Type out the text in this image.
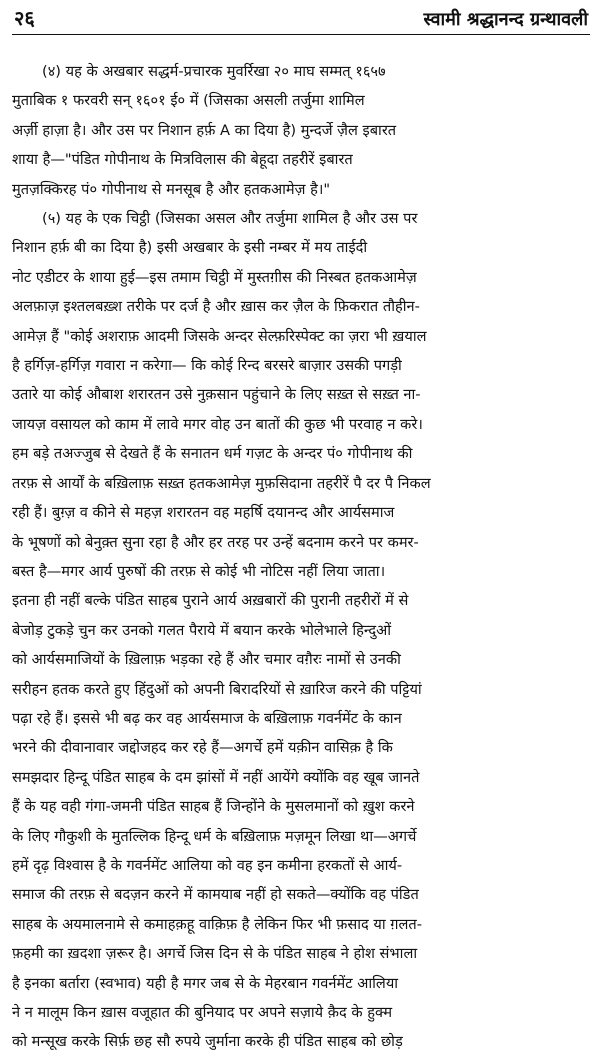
२६	स्वामी श्रद्धानन्द ग्रन्थावली

(४) यह के अखबार सद्धर्म-प्रचारक मुवर्रिखा २० माघ सम्मत् १६५७
मुताबिक १ फरवरी सन् १६०१ ई० में (जिसका असली तर्जुमा शामिल
अर्ज़ी हाज़ा है। और उस पर निशान हर्फ़ A का दिया है) मुन्दर्जे ज़ैल इबारत
शाया है—"पंडित गोपीनाथ के मित्रविलास की बेहूदा तहरीरें इबारत
मुतज़क्किरह पं० गोपीनाथ से मनसूब है और हतकआमेज़ है।"

(५) यह के एक चिट्ठी (जिसका असल और तर्जुमा शामिल है और उस पर
निशान हर्फ़ बी का दिया है) इसी अखबार के इसी नम्बर में मय ताईदी
नोट एडीटर के शाया हुई—इस तमाम चिट्ठी में मुस्तग़ीस की निस्बत हतकआमेज़
अलफ़ाज़ इश्तलबख़्श तरीके पर दर्ज है और ख़ास कर ज़ैल के फ़िकरात तौहीन-
आमेज़ हैं "कोई अशराफ़ आदमी जिसके अन्दर सेल्फ़रिस्पेक्ट का ज़रा भी ख़याल
है हर्गिज़-हर्गिज़ गवारा न करेगा— कि कोई रिन्द बरसरे बाज़ार उसकी पगड़ी
उतारे या कोई औबाश शरारतन उसे नुक़सान पहुंचाने के लिए सख़्त से सख़्त ना-
जायज़ वसायल को काम में लावे मगर वोह उन बातों की कुछ भी परवाह न करे।
हम बड़े तअज्जुब से देखते हैं के सनातन धर्म गज़ट के अन्दर पं० गोपीनाथ की
तरफ़ से आर्यों के बख़िलाफ़ सख़्त हतकआमेज़ मुफ़सिदाना तहरीरें पै दर पै निकल
रही हैं। बुग़्ज़ व कीने से महज़ शरारतन वह महर्षि दयानन्द और आर्यसमाज
के भूषणों को बेनुक़्त सुना रहा है और हर तरह पर उन्हें बदनाम करने पर कमर-
बस्त है—मगर आर्य पुरुषों की तरफ़ से कोई भी नोटिस नहीं लिया जाता।
इतना ही नहीं बल्के पंडित साहब पुराने आर्य अख़बारों की पुरानी तहरीरों में से
बेजोड़ टुकड़े चुन कर उनको गलत पैराये में बयान करके भोलेभाले हिन्दुओं
को आर्यसमाजियों के ख़िलाफ़ भड़का रहे हैं और चमार वग़ैरः नामों से उनकी
सरीहन हतक करते हुए हिंदुओं को अपनी बिरादरियों से ख़ारिज करने की पट्टियां
पढ़ा रहे हैं। इससे भी बढ़ कर वह आर्यसमाज के बख़िलाफ़ गवर्नमेंट के कान
भरने की दीवानावार जद्दोजहद कर रहे हैं—अगर्चे हमें यक़ीन वासिक़ है कि
समझदार हिन्दू पंडित साहब के दम झांसों में नहीं आयेंगे क्योंकि वह खूब जानते
हैं के यह वही गंगा-जमनी पंडित साहब हैं जिन्होंने के मुसलमानों को ख़ुश करने
के लिए गौकुशी के मुतल्लिक हिन्दू धर्म के बख़िलाफ़ मज़मून लिखा था—अगर्चे
हमें दृढ़ विश्वास है के गवर्नमेंट आलिया को वह इन कमीना हरकतों से आर्य-
समाज की तरफ़ से बदज़न करने में कामयाब नहीं हो सकते—क्योंकि वह पंडित
साहब के अयमालनामे से कमाहक़हू वाक़िफ़ है लेकिन फिर भी फ़साद या ग़लत-
फ़हमी का ख़दशा ज़रूर है। अगर्चे जिस दिन से के पंडित साहब ने होश संभाला
है इनका बर्तारा (स्वभाव) यही है मगर जब से के मेहरबान गवर्नमेंट आलिया
ने न मालूम किन ख़ास वजूहात की बुनियाद पर अपने सज़ाये क़ैद के हुक्म
को मन्सूख करके सिर्फ़ छह सौ रुपये जुर्माना करके ही पंडित साहब को छोड़
